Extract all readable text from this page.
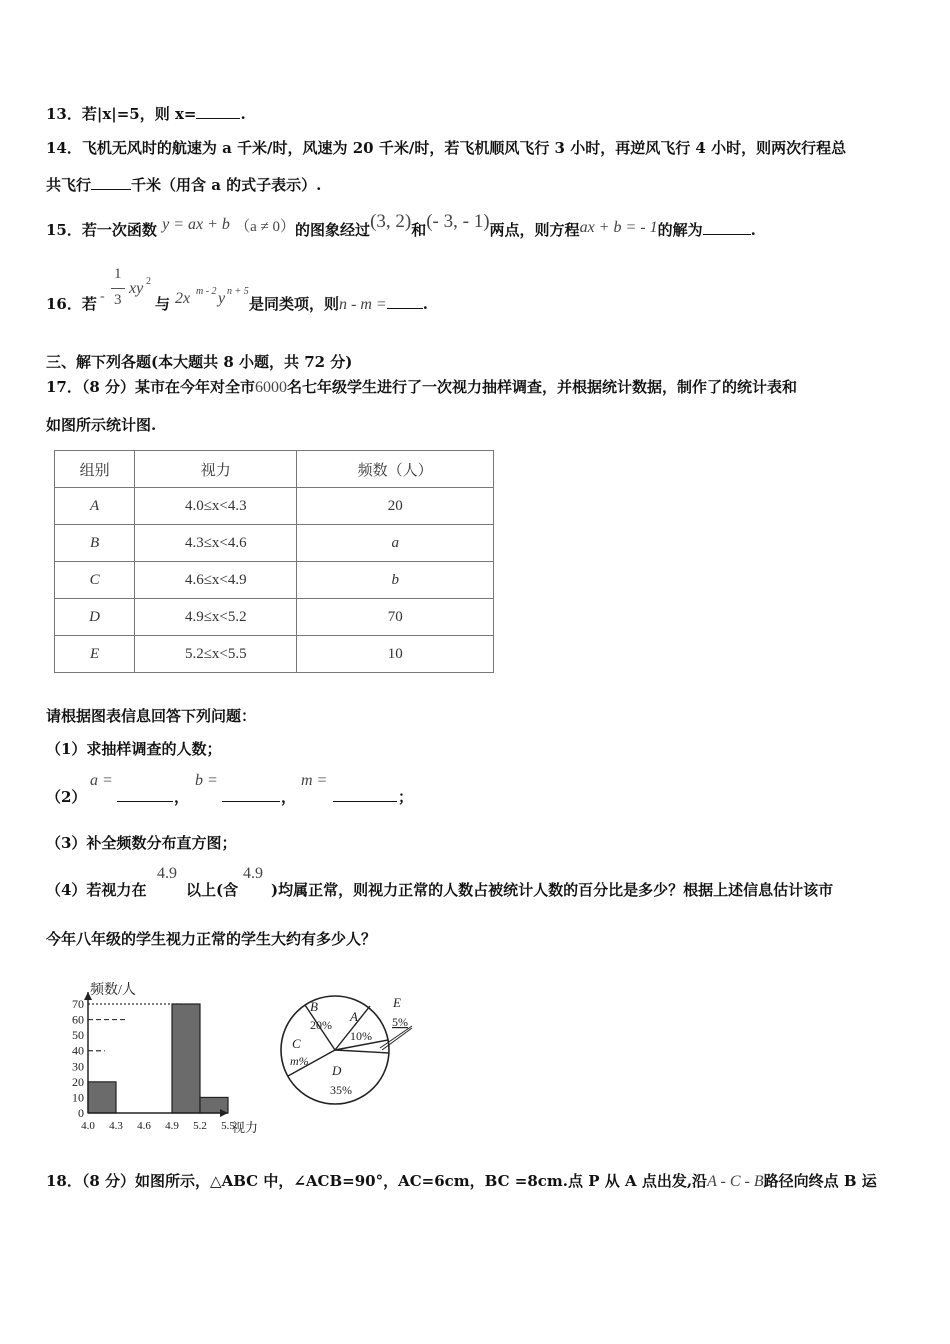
13．若|x|=5，则 x=	.
14．飞机无风时的航速为 a 千米/时，风速为 20 千米/时，若飞机顺风飞行 3 小时，再逆风飞行 4 小时，则两次行程总
共飞行	千米（用含 a 的式子表示）.
15．若一次函数 y = ax + b （a ≠ 0）的图象经过(3, 2)和(- 3, - 1)两点，则方程ax + b = - 1的解为	.
16．若 -
1
3
xy 2
与 2x m - 2 y n + 5
是同类项，则n - m = .
三、解下列各题(本大题共 8 小题，共 72 分)
17．（8 分）某市在今年对全市6000名七年级学生进行了一次视力抽样调查，并根据统计数据，制作了的统计表和
如图所示统计图.
组别	视力	频数（人）
A	4.0≤x<4.3	20
B	4.3≤x<4.6	a
C	4.6≤x<4.9	b
D	4.9≤x<5.2	70
E	5.2≤x<5.5	10
请根据图表信息回答下列问题：
（1）求抽样调查的人数；
（2）
a =
，
b =
，
m =
；
（3）补全频数分布直方图；
（4）若视力在
4.9
以上(含
4.9
)均属正常，则视力正常的人数占被统计人数的百分比是多少？根据上述信息估计该市
今年八年级的学生视力正常的学生大约有多少人？
0
10
20
30
40
50
60
70
4.0 4.3 4.6 4.9 5.2 5.5
频数/人
视力
B
20%
A
10%
E
5%
D
35%
C
m%
18．（8 分）如图所示，△ABC 中，∠ACB=90°，AC=6cm，BC =8cm.点 P 从 A 点出发,沿A - C - B路径向终点 B 运
